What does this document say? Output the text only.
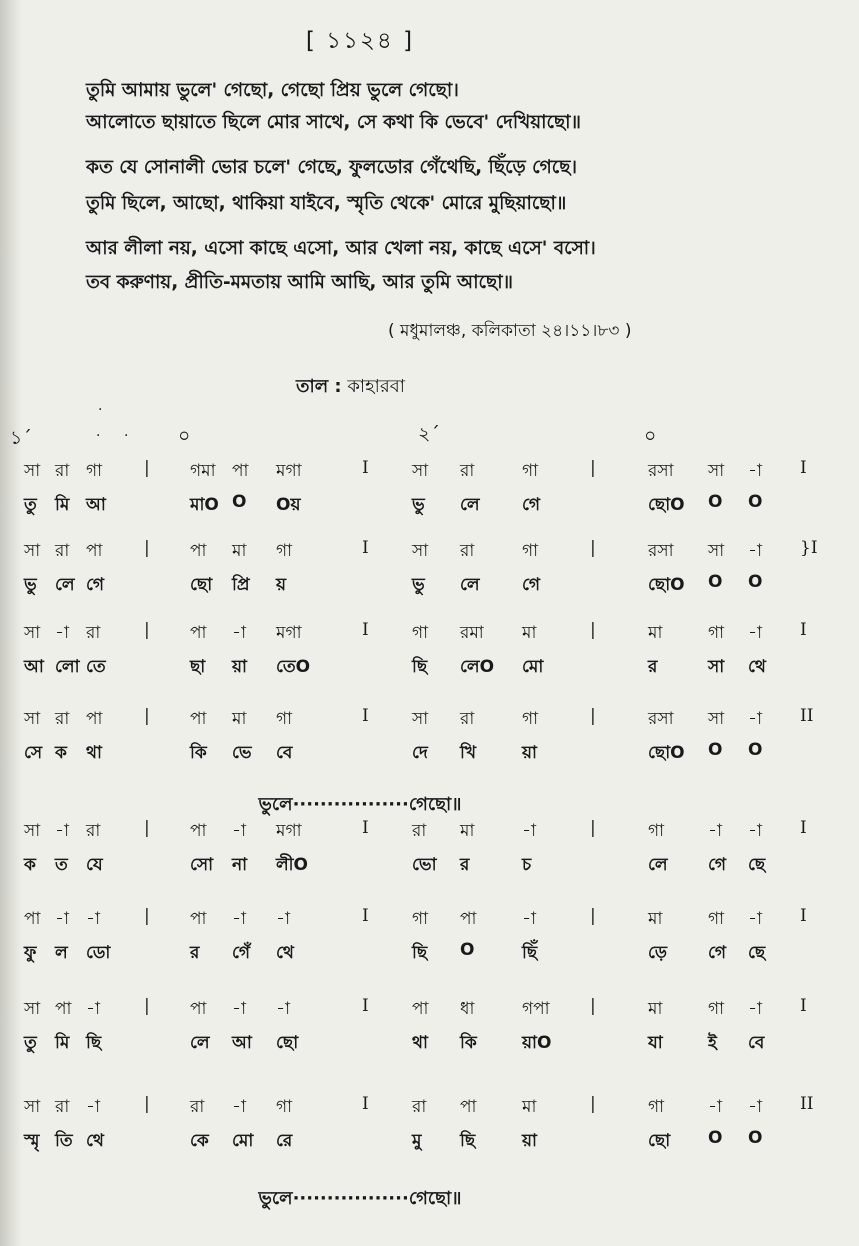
[ ১১২৪ ]
তুমি আমায় ভুলে' গেছো, গেছো প্রিয় ভুলে গেছো।
আলোতে ছায়াতে ছিলে মোর সাথে, সে কথা কি ভেবে' দেখিয়াছো॥
কত যে সোনালী ভোর চলে' গেছে, ফুলডোর গেঁথেছি, ছিঁড়ে গেছে।
তুমি ছিলে, আছো, থাকিয়া যাইবে, স্মৃতি থেকে' মোরে মুছিয়াছো॥
আর লীলা নয়, এসো কাছে এসো, আর খেলা নয়, কাছে এসে' বসো।
তব করুণায়, প্রীতি-মমতায় আমি আছি, আর তুমি আছো॥
( মধুমালঞ্চ, কলিকাতা ২৪।১১।৮৩ )
তাল : কাহারবা
·
১´	· ·	০	২´	০
সা রা গা | গমা পা মগা	I	সা রা	গা	|	রসা সা -া I
তু মি আ	মাO O Oয়	ভু লে গে	ছোO O O
সা রা পা | পা মা গা	I	সা রা	গা	|	রসা সা -া }I
ভু লে গে	ছো প্রি য়	ভু লে গে	ছোO O O
সা -া রা	| পা -া মগা	I	গা রমা মা	|	মা	গা -া I
আ লো তে	ছা য়া তেO	ছি লেO মো	র	সা থে
সা রা পা | পা মা গা	I	সা রা	গা	|	রসা সা -া II
সে ক থা	কি ভে বে	দে খি	য়া	ছোO O O
সা -া রা	| পা -া মগা	I	রা মা	-া	|	গা	-া -া I
ক ত যে	সো না লীO	ভো র	চ	লে গে ছে
পা -া -া	| পা -া -া	I	গা পা	-া	|	মা	গা -া I
ফু ল ডো	র গেঁ থে	ছি O	ছিঁ	ড়ে গে ছে
সা পা -া	| পা -া -া	I	পা ধা	গপা |	মা	গা -া I
তু মি ছি	লে আ ছো	থা কি	য়াO	যা	ই বে
সা রা -া	| রা -া গা	I	রা পা	মা	|	গা	-া -া II
স্মৃ তি থে	কে মো রে	মু ছি	য়া	ছো O O
ভুলে·················গেছো॥
ভুলে·················গেছো॥
